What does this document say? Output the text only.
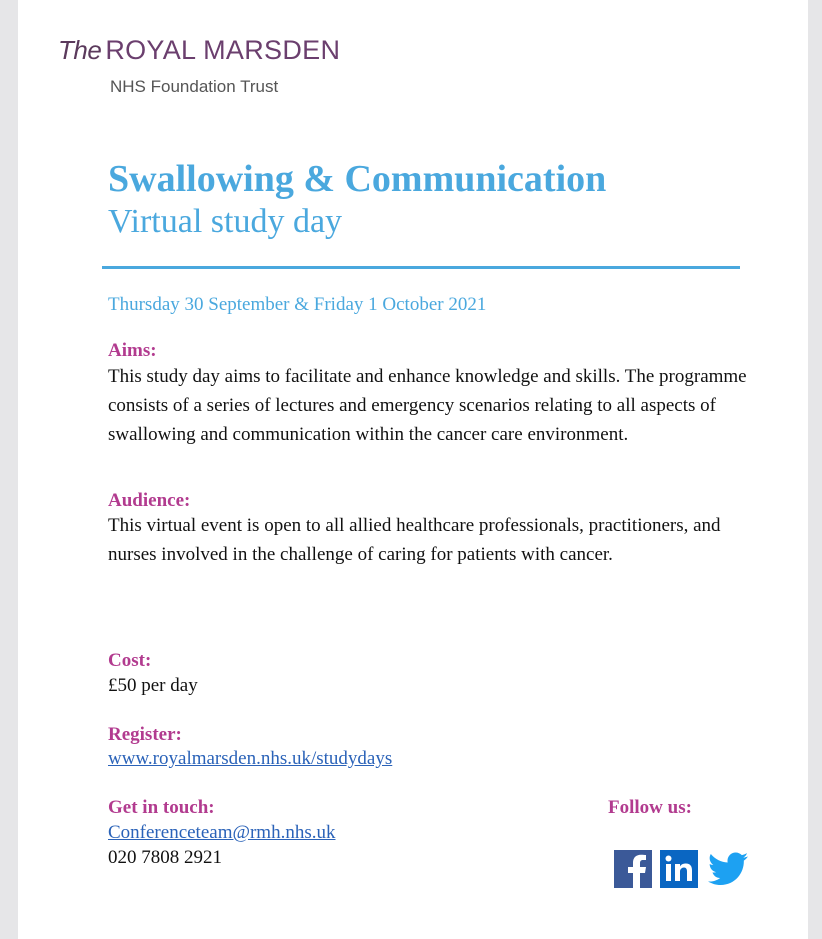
The ROYAL MARSDEN
NHS Foundation Trust
Swallowing & Communication
Virtual study day
Thursday 30 September & Friday 1 October 2021
Aims:
This study day aims to facilitate and enhance knowledge and skills. The programme consists of a series of lectures and emergency scenarios relating to all aspects of swallowing and communication within the cancer care environment.
Audience:
This virtual event is open to all allied healthcare professionals, practitioners, and nurses involved in the challenge of caring for patients with cancer.
Cost:
£50 per day
Register:
www.royalmarsden.nhs.uk/studydays
Get in touch:
Conferenceteam@rmh.nhs.uk
020 7808 2921
Follow us:
